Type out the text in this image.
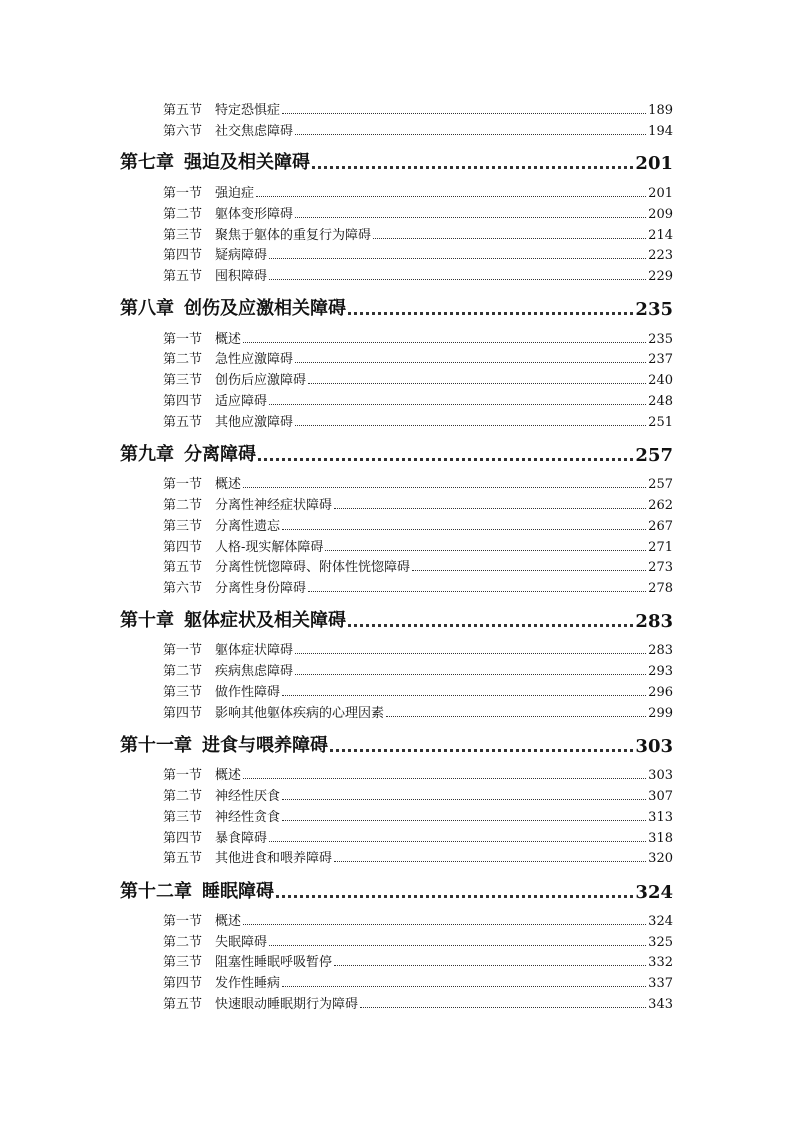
第五节 特定恐惧症	189
第六节 社交焦虑障碍	194
第七章 强迫及相关障碍	201
第一节 强迫症	201
第二节 躯体变形障碍	209
第三节 聚焦于躯体的重复行为障碍	214
第四节 疑病障碍	223
第五节 囤积障碍	229
第八章 创伤及应激相关障碍	235
第一节 概述	235
第二节 急性应激障碍	237
第三节 创伤后应激障碍	240
第四节 适应障碍	248
第五节 其他应激障碍	251
第九章 分离障碍	257
第一节 概述	257
第二节 分离性神经症状障碍	262
第三节 分离性遗忘	267
第四节 人格-现实解体障碍	271
第五节 分离性恍惚障碍、附体性恍惚障碍	273
第六节 分离性身份障碍	278
第十章 躯体症状及相关障碍	283
第一节 躯体症状障碍	283
第二节 疾病焦虑障碍	293
第三节 做作性障碍	296
第四节 影响其他躯体疾病的心理因素	299
第十一章 进食与喂养障碍	303
第一节 概述	303
第二节 神经性厌食	307
第三节 神经性贪食	313
第四节 暴食障碍	318
第五节 其他进食和喂养障碍	320
第十二章 睡眠障碍	324
第一节 概述	324
第二节 失眠障碍	325
第三节 阻塞性睡眠呼吸暂停	332
第四节 发作性睡病	337
第五节 快速眼动睡眠期行为障碍	343
